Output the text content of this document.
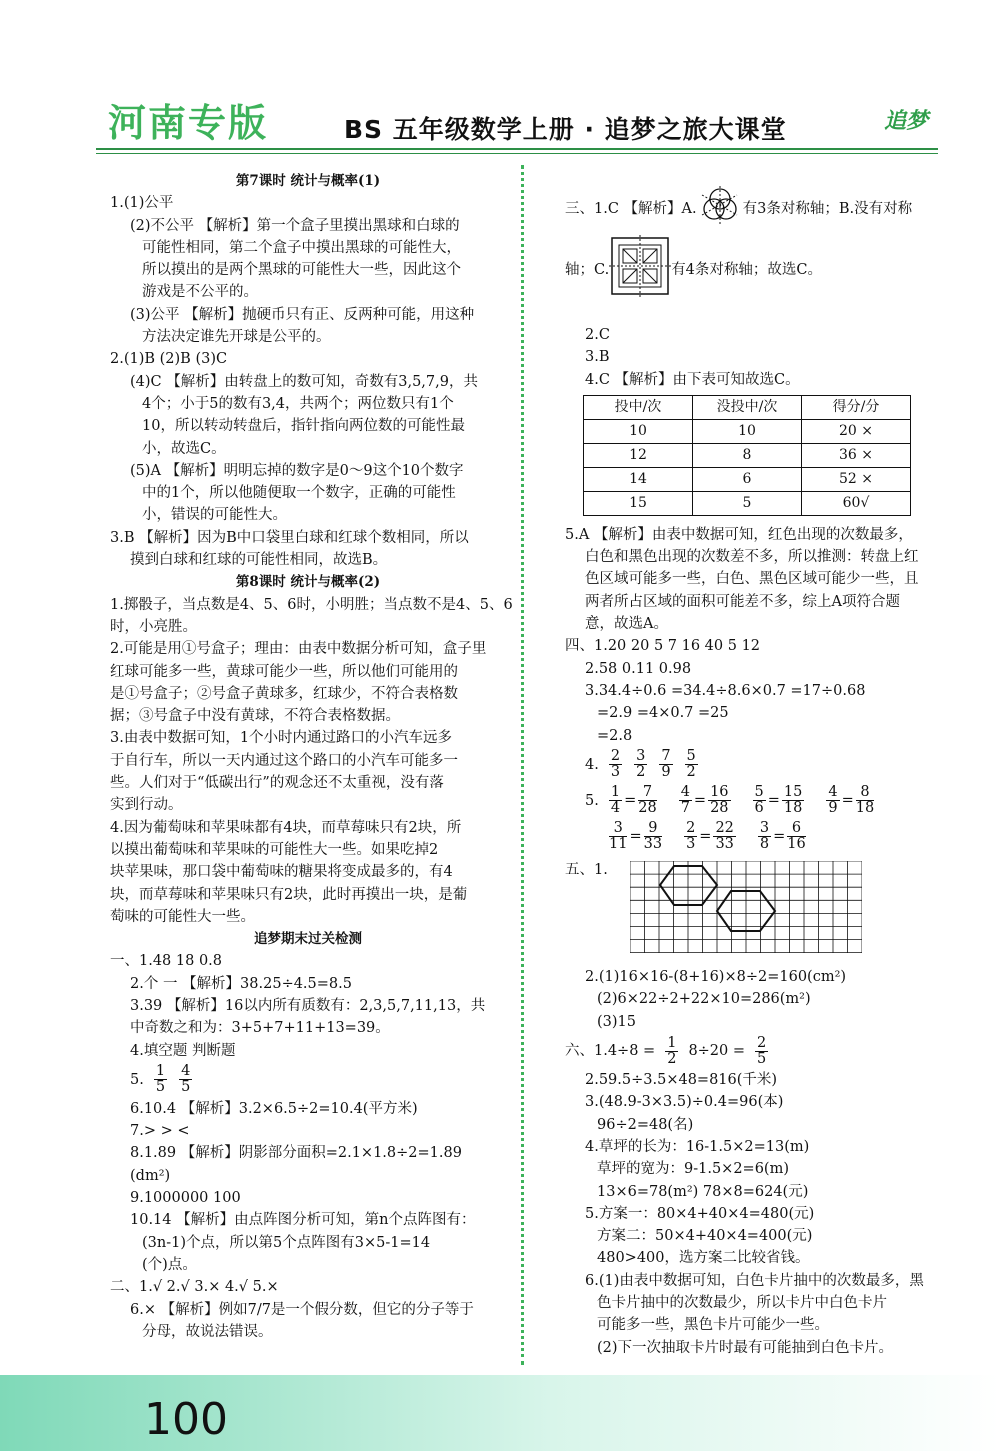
河南专版	BS 五年级数学上册 · 追梦之旅大课堂	追梦
第7课时 统计与概率(1)
1.(1)公平
(2)不公平 【解析】第一个盒子里摸出黑球和白球的
可能性相同，第二个盒子中摸出黑球的可能性大，
所以摸出的是两个黑球的可能性大一些，因此这个
游戏是不公平的。
(3)公平 【解析】抛硬币只有正、反两种可能，用这种
方法决定谁先开球是公平的。
2.(1)B (2)B (3)C
(4)C 【解析】由转盘上的数可知，奇数有3,5,7,9，共
4个；小于5的数有3,4，共两个；两位数只有1个
10，所以转动转盘后，指针指向两位数的可能性最
小，故选C。
(5)A 【解析】明明忘掉的数字是0～9这个10个数字
中的1个，所以他随便取一个数字，正确的可能性
小，错误的可能性大。
3.B 【解析】因为B中口袋里白球和红球个数相同，所以
摸到白球和红球的可能性相同，故选B。
第8课时 统计与概率(2)
1.掷骰子，当点数是4、5、6时，小明胜；当点数不是4、5、6
时，小亮胜。
2.可能是用①号盒子；理由：由表中数据分析可知，盒子里
红球可能多一些，黄球可能少一些，所以他们可能用的
是①号盒子；②号盒子黄球多，红球少，不符合表格数
据；③号盒子中没有黄球，不符合表格数据。
3.由表中数据可知，1个小时内通过路口的小汽车远多
于自行车，所以一天内通过这个路口的小汽车可能多一
些。人们对于“低碳出行”的观念还不太重视，没有落
实到行动。
4.因为葡萄味和苹果味都有4块，而草莓味只有2块，所
以摸出葡萄味和苹果味的可能性大一些。如果吃掉2
块苹果味，那口袋中葡萄味的糖果将变成最多的，有4
块，而草莓味和苹果味只有2块，此时再摸出一块，是葡
萄味的可能性大一些。
追梦期末过关检测
一、1.48 18 0.8
2.个 一 【解析】38.25÷4.5=8.5
3.39 【解析】16以内所有质数有：2,3,5,7,11,13，共
中奇数之和为：3+5+7+11+13=39。
4.填空题 判断题
5. $\frac{1}{5} \frac{4}{5}$
6.10.4 【解析】3.2×6.5÷2=10.4(平方米)
7.> > <
8.1.89 【解析】阴影部分面积=2.1×1.8÷2=1.89
(dm²)
9.1000000 100
10.14 【解析】由点阵图分析可知，第n个点阵图有：
(3n-1)个点，所以第5个点阵图有3×5-1=14
(个)点。
二、1.√ 2.√ 3.× 4.√ 5.×
6.× 【解析】例如7/7是一个假分数，但它的分子等于
分母，故说法错误。
三、1.C 【解析】A.	有3条对称轴；B.没有对称
轴；C.	有4条对称轴；故选C。
2.C
3.B
4.C 【解析】由下表可知故选C。
投中/次	没投中/次	得分/分
10	10	20 ×
12	8	36 ×
14	6	52 ×
15	5	60√
5.A 【解析】由表中数据可知，红色出现的次数最多，
白色和黑色出现的次数差不多，所以推测：转盘上红
色区域可能多一些，白色、黑色区域可能少一些，且
两者所占区域的面积可能差不多，综上A项符合题
意，故选A。
四、1.20 20 5 7 16 40 5 12
2.58 0.11 0.98
3.34.4÷0.6 =34.4÷8.6×0.7 =17÷0.68
=2.9 =4×0.7 =25
=2.8
4. $\frac{2}{3} \frac{3}{2} \frac{7}{9} \frac{5}{2}$
5. $\frac{1}{4} = \frac{7}{28} \frac{4}{7} = \frac{16}{28} \frac{5}{6} = \frac{15}{18} \frac{4}{9} = \frac{8}{18}$
$\frac{3}{11} = \frac{9}{33} \frac{2}{3} = \frac{22}{33} \frac{3}{8} = \frac{6}{16}$
五、1.
2.(1)16×16-(8+16)×8÷2=160(cm²)
(2)6×22÷2+22×10=286(m²)
(3)15
六、$1.4\div 8 = \frac{1}{2} 8\div 20 = \frac{2}{5}$
2.59.5÷3.5×48=816(千米)
3.(48.9-3×3.5)÷0.4=96(本)
96÷2=48(名)
4.草坪的长为：16-1.5×2=13(m)
草坪的宽为：9-1.5×2=6(m)
13×6=78(m²) 78×8=624(元)
5.方案一：80×4+40×4=480(元)
方案二：50×4+40×4=400(元)
480>400，选方案二比较省钱。
6.(1)由表中数据可知，白色卡片抽中的次数最多，黑
色卡片抽中的次数最少，所以卡片中白色卡片
可能多一些，黑色卡片可能少一些。
(2)下一次抽取卡片时最有可能抽到白色卡片。
100
